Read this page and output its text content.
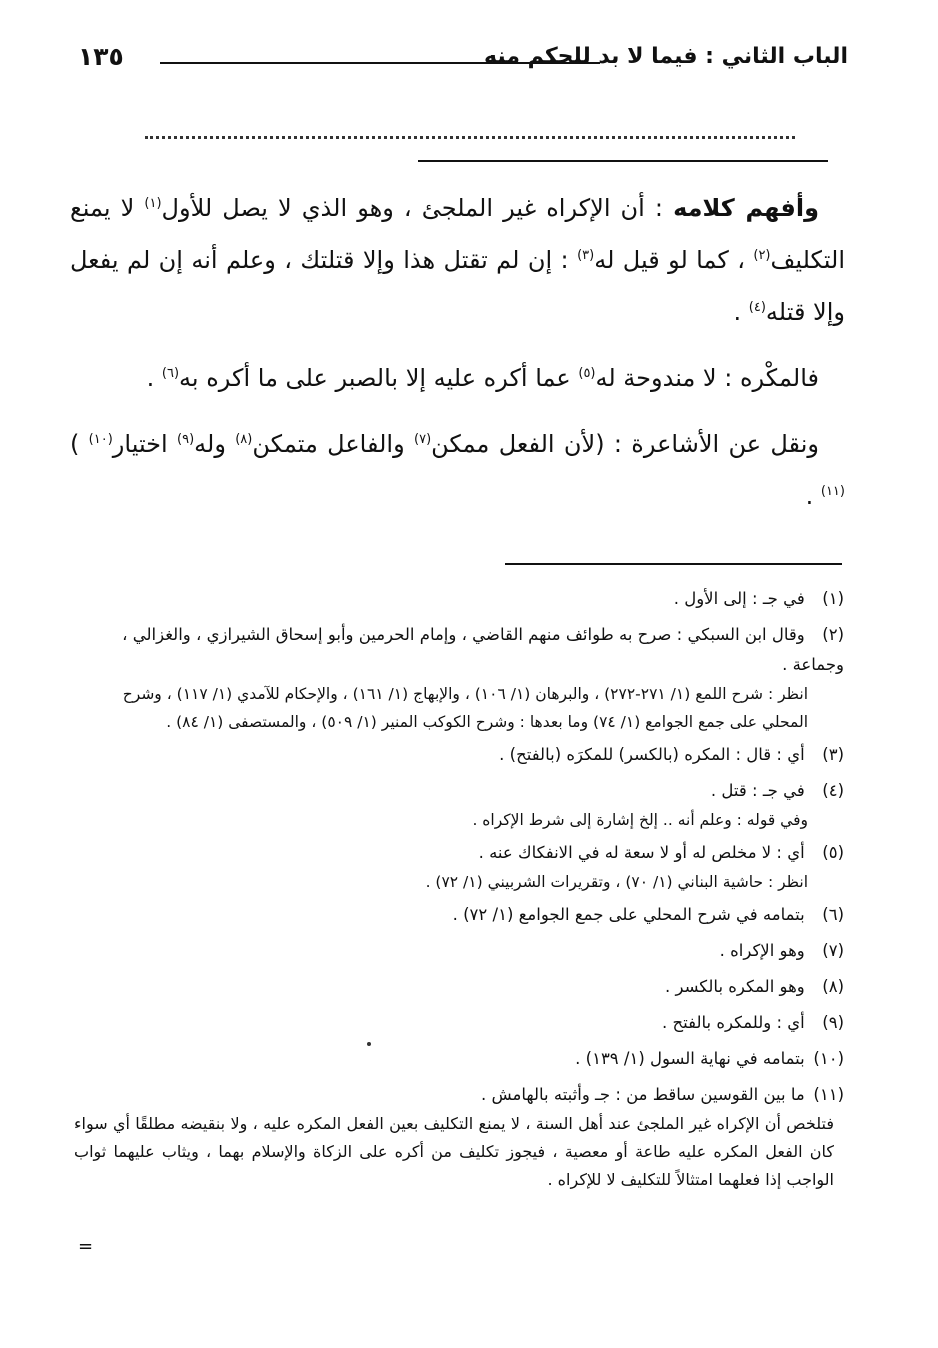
الباب الثاني : فيما لا بد للحكم منه
١٣٥

وأفهم كلامه : أن الإكراه غير الملجئ ، وهو الذي لا يصل للأول$^{(١)}$ لا يمنع التكليف$^{(٢)}$ ، كما لو قيل له$^{(٣)}$ : إن لم تقتل هذا وإلا قتلتك ، وعلم أنه إن لم يفعل وإلا قتله$^{(٤)}$ .

فالمكْره : لا مندوحة له$^{(٥)}$ عما أكره عليه إلا بالصبر على ما أكره به$^{(٦)}$ .

ونقل عن الأشاعرة : (لأن الفعل ممكن$^{(٧)}$ والفاعل متمكن$^{(٨)}$ وله$^{(٩)}$ اختيار$^{(١٠)}$ )$^{(١١)}$ .

(١) في جـ : إلى الأول .

(٢) وقال ابن السبكي : صرح به طوائف منهم القاضي ، وإمام الحرمين وأبو إسحاق الشيرازي ، والغزالي ، وجماعة .

انظر : شرح اللمع (١/ ٢٧١-٢٧٢) ، والبرهان (١/ ١٠٦) ، والإبهاج (١/ ١٦١) ، والإحكام للآمدي (١/ ١١٧) ، وشرح المحلي على جمع الجوامع (١/ ٧٤) وما بعدها : وشرح الكوكب المنير (١/ ٥٠٩) ، والمستصفى (١/ ٨٤) .

(٣) أي : قال : المكره (بالكسر) للمكرَه (بالفتح) .

(٤) في جـ : قتل .

وفي قوله : وعلم أنه .. إلخ إشارة إلى شرط الإكراه .

(٥) أي : لا مخلص له أو لا سعة له في الانفكاك عنه .

انظر : حاشية البناني (١/ ٧٠) ، وتقريرات الشربيني (١/ ٧٢) .

(٦) بتمامه في شرح المحلي على جمع الجوامع (١/ ٧٢) .

(٧) وهو الإكراه .

(٨) وهو المكره بالكسر .

(٩) أي : وللمكره بالفتح .

(١٠) بتمامه في نهاية السول (١/ ١٣٩) .

(١١) ما بين القوسين ساقط من : جـ وأثبته بالهامش .

فتلخص أن الإكراه غير الملجئ عند أهل السنة ، لا يمنع التكليف بعين الفعل المكره عليه ، ولا بنقيضه مطلقًا أي سواء كان الفعل المكره عليه طاعة أو معصية ، فيجوز تكليف من أكره على الزكاة والإسلام بهما ، ويثاب عليهما ثواب الواجب إذا فعلهما امتثالاً للتكليف لا للإكراه .

=
